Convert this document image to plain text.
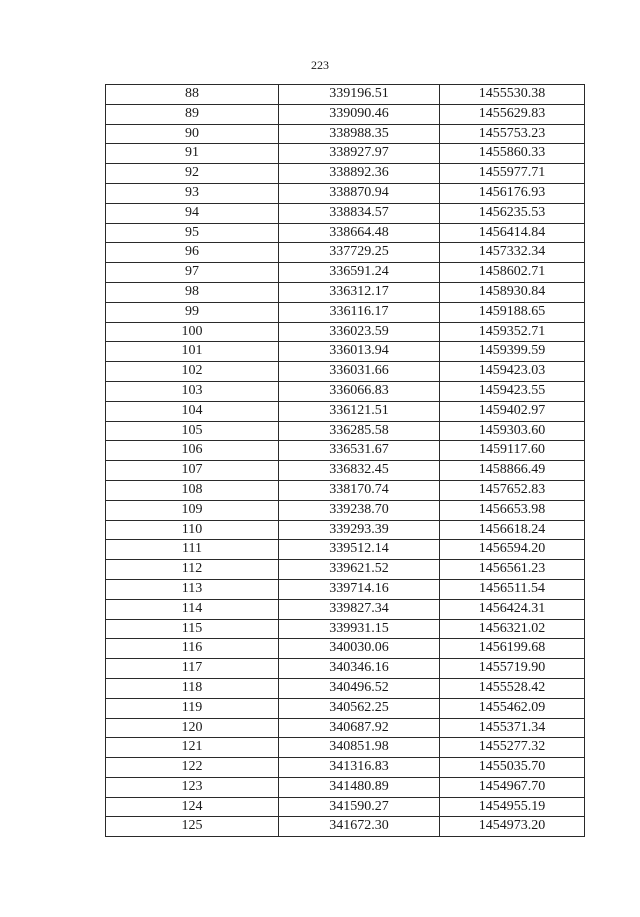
223
88	339196.51	1455530.38
89	339090.46	1455629.83
90	338988.35	1455753.23
91	338927.97	1455860.33
92	338892.36	1455977.71
93	338870.94	1456176.93
94	338834.57	1456235.53
95	338664.48	1456414.84
96	337729.25	1457332.34
97	336591.24	1458602.71
98	336312.17	1458930.84
99	336116.17	1459188.65
100	336023.59	1459352.71
101	336013.94	1459399.59
102	336031.66	1459423.03
103	336066.83	1459423.55
104	336121.51	1459402.97
105	336285.58	1459303.60
106	336531.67	1459117.60
107	336832.45	1458866.49
108	338170.74	1457652.83
109	339238.70	1456653.98
110	339293.39	1456618.24
111	339512.14	1456594.20
112	339621.52	1456561.23
113	339714.16	1456511.54
114	339827.34	1456424.31
115	339931.15	1456321.02
116	340030.06	1456199.68
117	340346.16	1455719.90
118	340496.52	1455528.42
119	340562.25	1455462.09
120	340687.92	1455371.34
121	340851.98	1455277.32
122	341316.83	1455035.70
123	341480.89	1454967.70
124	341590.27	1454955.19
125	341672.30	1454973.20
